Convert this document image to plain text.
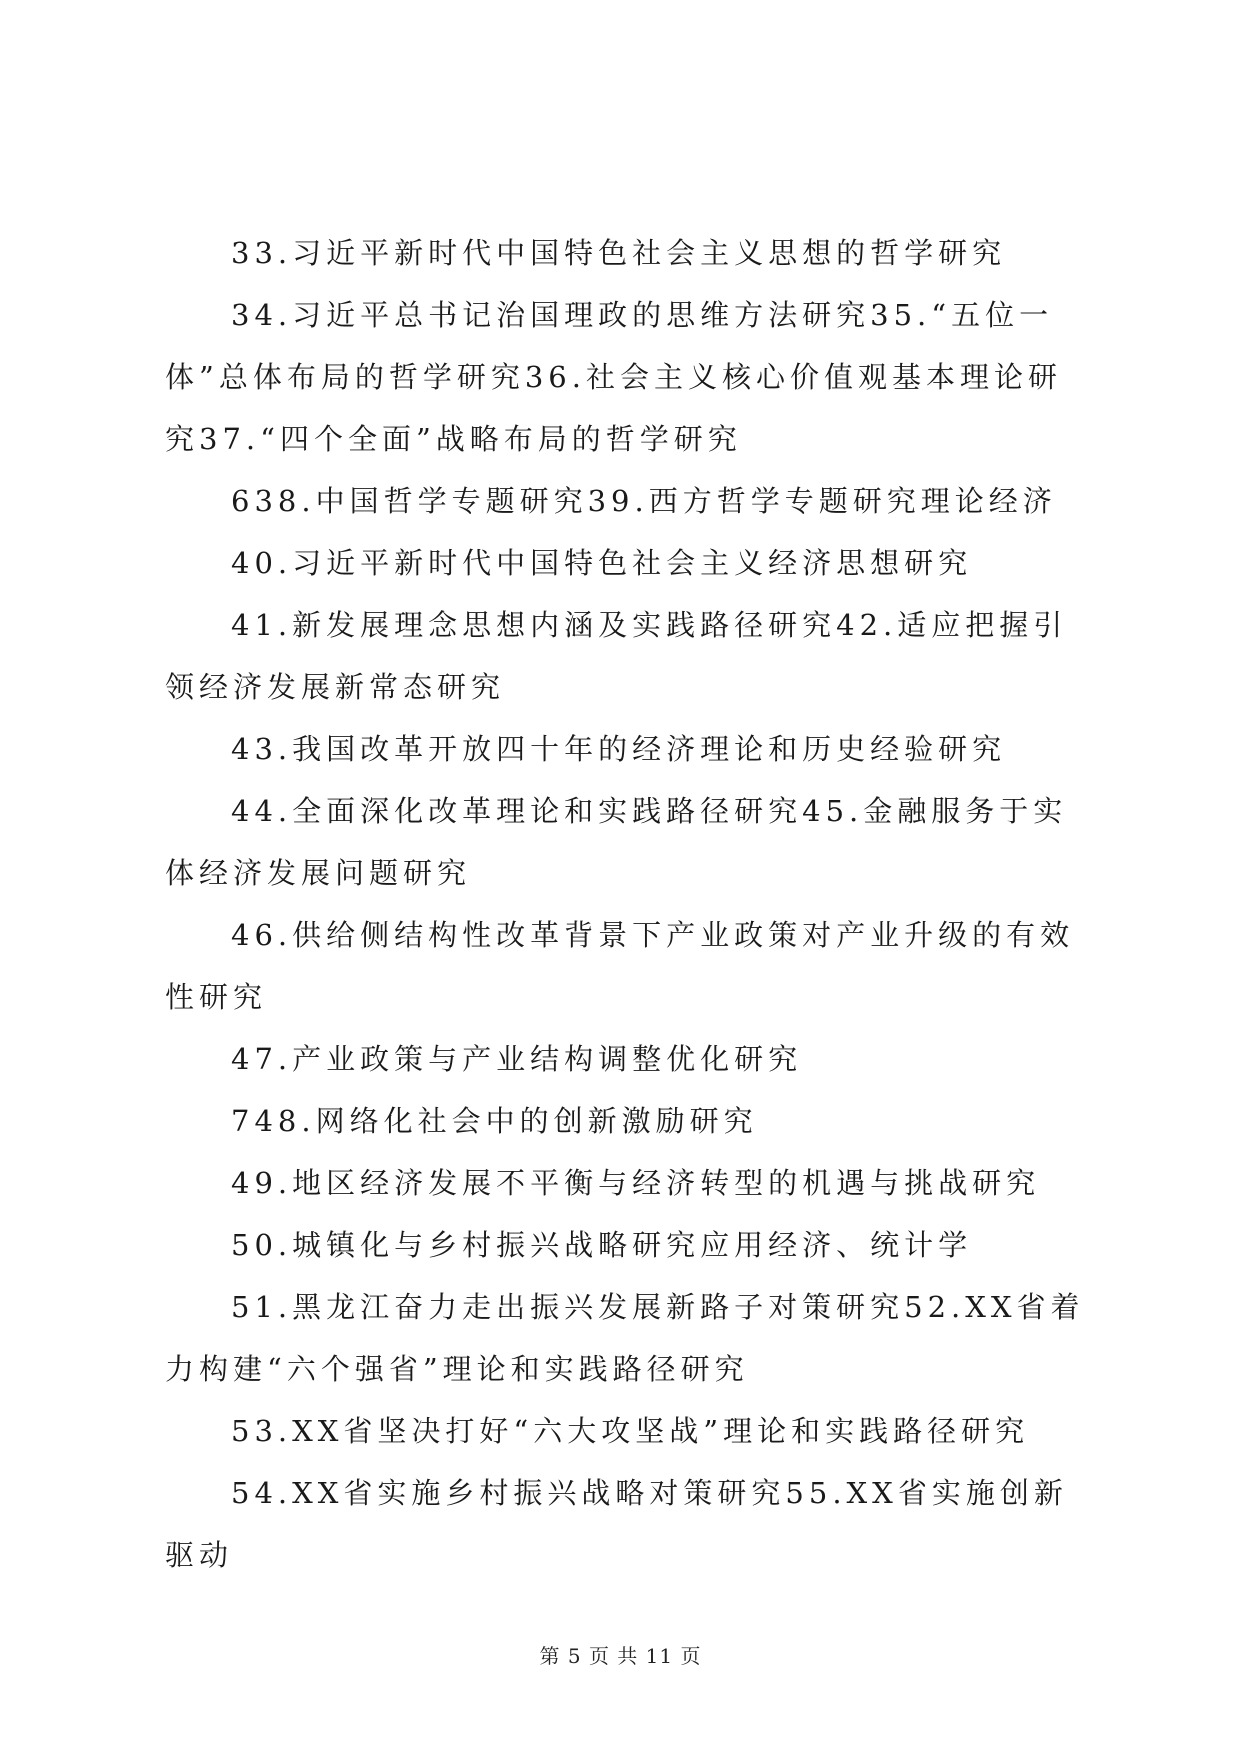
33.习近平新时代中国特色社会主义思想的哲学研究

34.习近平总书记治国理政的思维方法研究35.“五位一体”总体布局的哲学研究36.社会主义核心价值观基本理论研究37.“四个全面”战略布局的哲学研究

638.中国哲学专题研究39.西方哲学专题研究理论经济

40.习近平新时代中国特色社会主义经济思想研究

41.新发展理念思想内涵及实践路径研究42.适应把握引领经济发展新常态研究

43.我国改革开放四十年的经济理论和历史经验研究

44.全面深化改革理论和实践路径研究45.金融服务于实体经济发展问题研究

46.供给侧结构性改革背景下产业政策对产业升级的有效性研究

47.产业政策与产业结构调整优化研究

748.网络化社会中的创新激励研究

49.地区经济发展不平衡与经济转型的机遇与挑战研究

50.城镇化与乡村振兴战略研究应用经济、统计学

51.黑龙江奋力走出振兴发展新路子对策研究52.XX省着力构建“六个强省”理论和实践路径研究

53.XX省坚决打好“六大攻坚战”理论和实践路径研究

54.XX省实施乡村振兴战略对策研究55.XX省实施创新驱动

第 5 页 共 11 页
